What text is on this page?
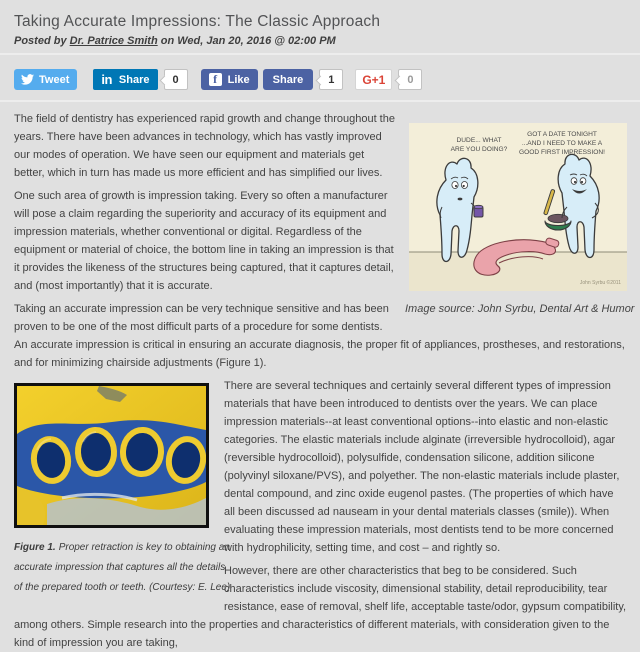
Taking Accurate Impressions: The Classic Approach

Posted by Dr. Patrice Smith on Wed, Jan 20, 2016 @ 02:00 PM

Tweet in Share	0	f Like Share	1	G+1	0
DUDE... WHAT
ARE YOU DOING?
GOT A DATE TONIGHT
...AND I NEED TO MAKE A
GOOD FIRST IMPRESSION!
John Syrbu ©2011
Image source: John Syrbu, Dental Art & Humor

The field of dentistry has experienced rapid growth and change throughout the years. There have been advances in technology, which has vastly improved our modes of operation. We have seen our equipment and materials get better, which in turn has made us more efficient and has simplified our lives.

One such area of growth is impression taking. Every so often a manufacturer will pose a claim regarding the superiority and accuracy of its equipment and impression materials, whether conventional or digital. Regardless of the equipment or material of choice, the bottom line in taking an impression is that it provides the likeness of the structures being captured, that it captures detail, and (most importantly) that it is accurate.

Taking an accurate impression can be very technique sensitive and has been proven to be one of the most difficult parts of a procedure for some dentists. An accurate impression is critical in ensuring an accurate diagnosis, the proper fit of appliances, prostheses, and restorations, and for minimizing chairside adjustments (Figure 1).

Figure 1. Proper retraction is key to obtaining an
accurate impression that captures all the details
of the prepared tooth or teeth. (Courtesy: E. Lee)

There are several techniques and certainly several different types of impression materials that have been introduced to dentists over the years. We can place impression materials--at least conventional options--into elastic and non-elastic categories. The elastic materials include alginate (irreversible hydrocolloid), agar (reversible hydrocolloid), polysulfide, condensation silicone, addition silicone (polyvinyl siloxane/PVS), and polyether. The non-elastic materials include plaster, dental compound, and zinc oxide eugenol pastes. (The properties of which have all been discussed ad nauseam in your dental materials classes (smile)). When evaluating these impression materials, most dentists tend to be more concerned with hydrophilicity, setting time, and cost – and rightly so.

However, there are other characteristics that beg to be considered. Such characteristics include viscosity, dimensional stability, detail reproducibility, tear resistance, ease of removal, shelf life, acceptable taste/odor, gypsum compatibility, among others. Simple research into the properties and characteristics of different materials, with consideration given to the kind of impression you are taking,
